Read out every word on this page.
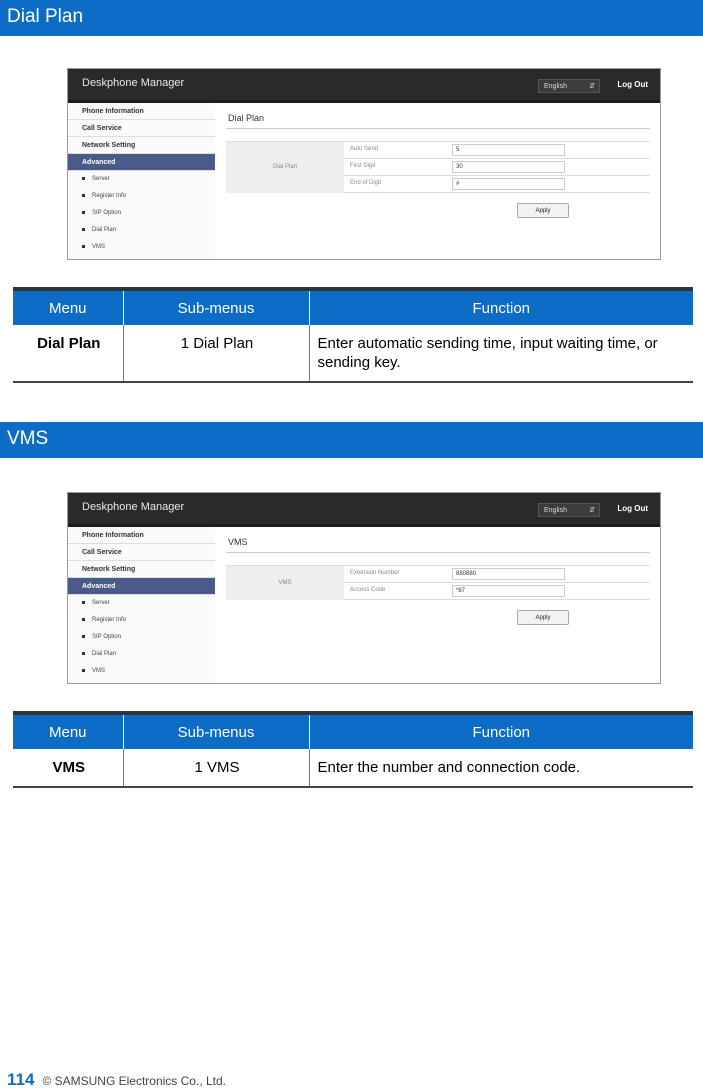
Dial Plan
Deskphone Manager	English	⇵	Log Out
Phone Information
Call Service
Network Setting
Advanced
Server
Register Info
SIP Option
Dial Plan
VMS
Dial Plan
Dial Plan
Auto Send	5
First Digit	30
End of Digit	#
Apply
Menu	Sub-menus	Function

Dial Plan	1 Dial Plan	Enter automatic sending time, input waiting time, or sending key.
VMS
Deskphone Manager	English	⇵	Log Out
Phone Information
Call Service
Network Setting
Advanced
Server
Register Info
SIP Option
Dial Plan
VMS
VMS
VMS
Extension Number	880880
Access Code	*87
Apply
Menu	Sub-menus	Function

VMS	1 VMS	Enter the number and connection code.
114 © SAMSUNG Electronics Co., Ltd.
